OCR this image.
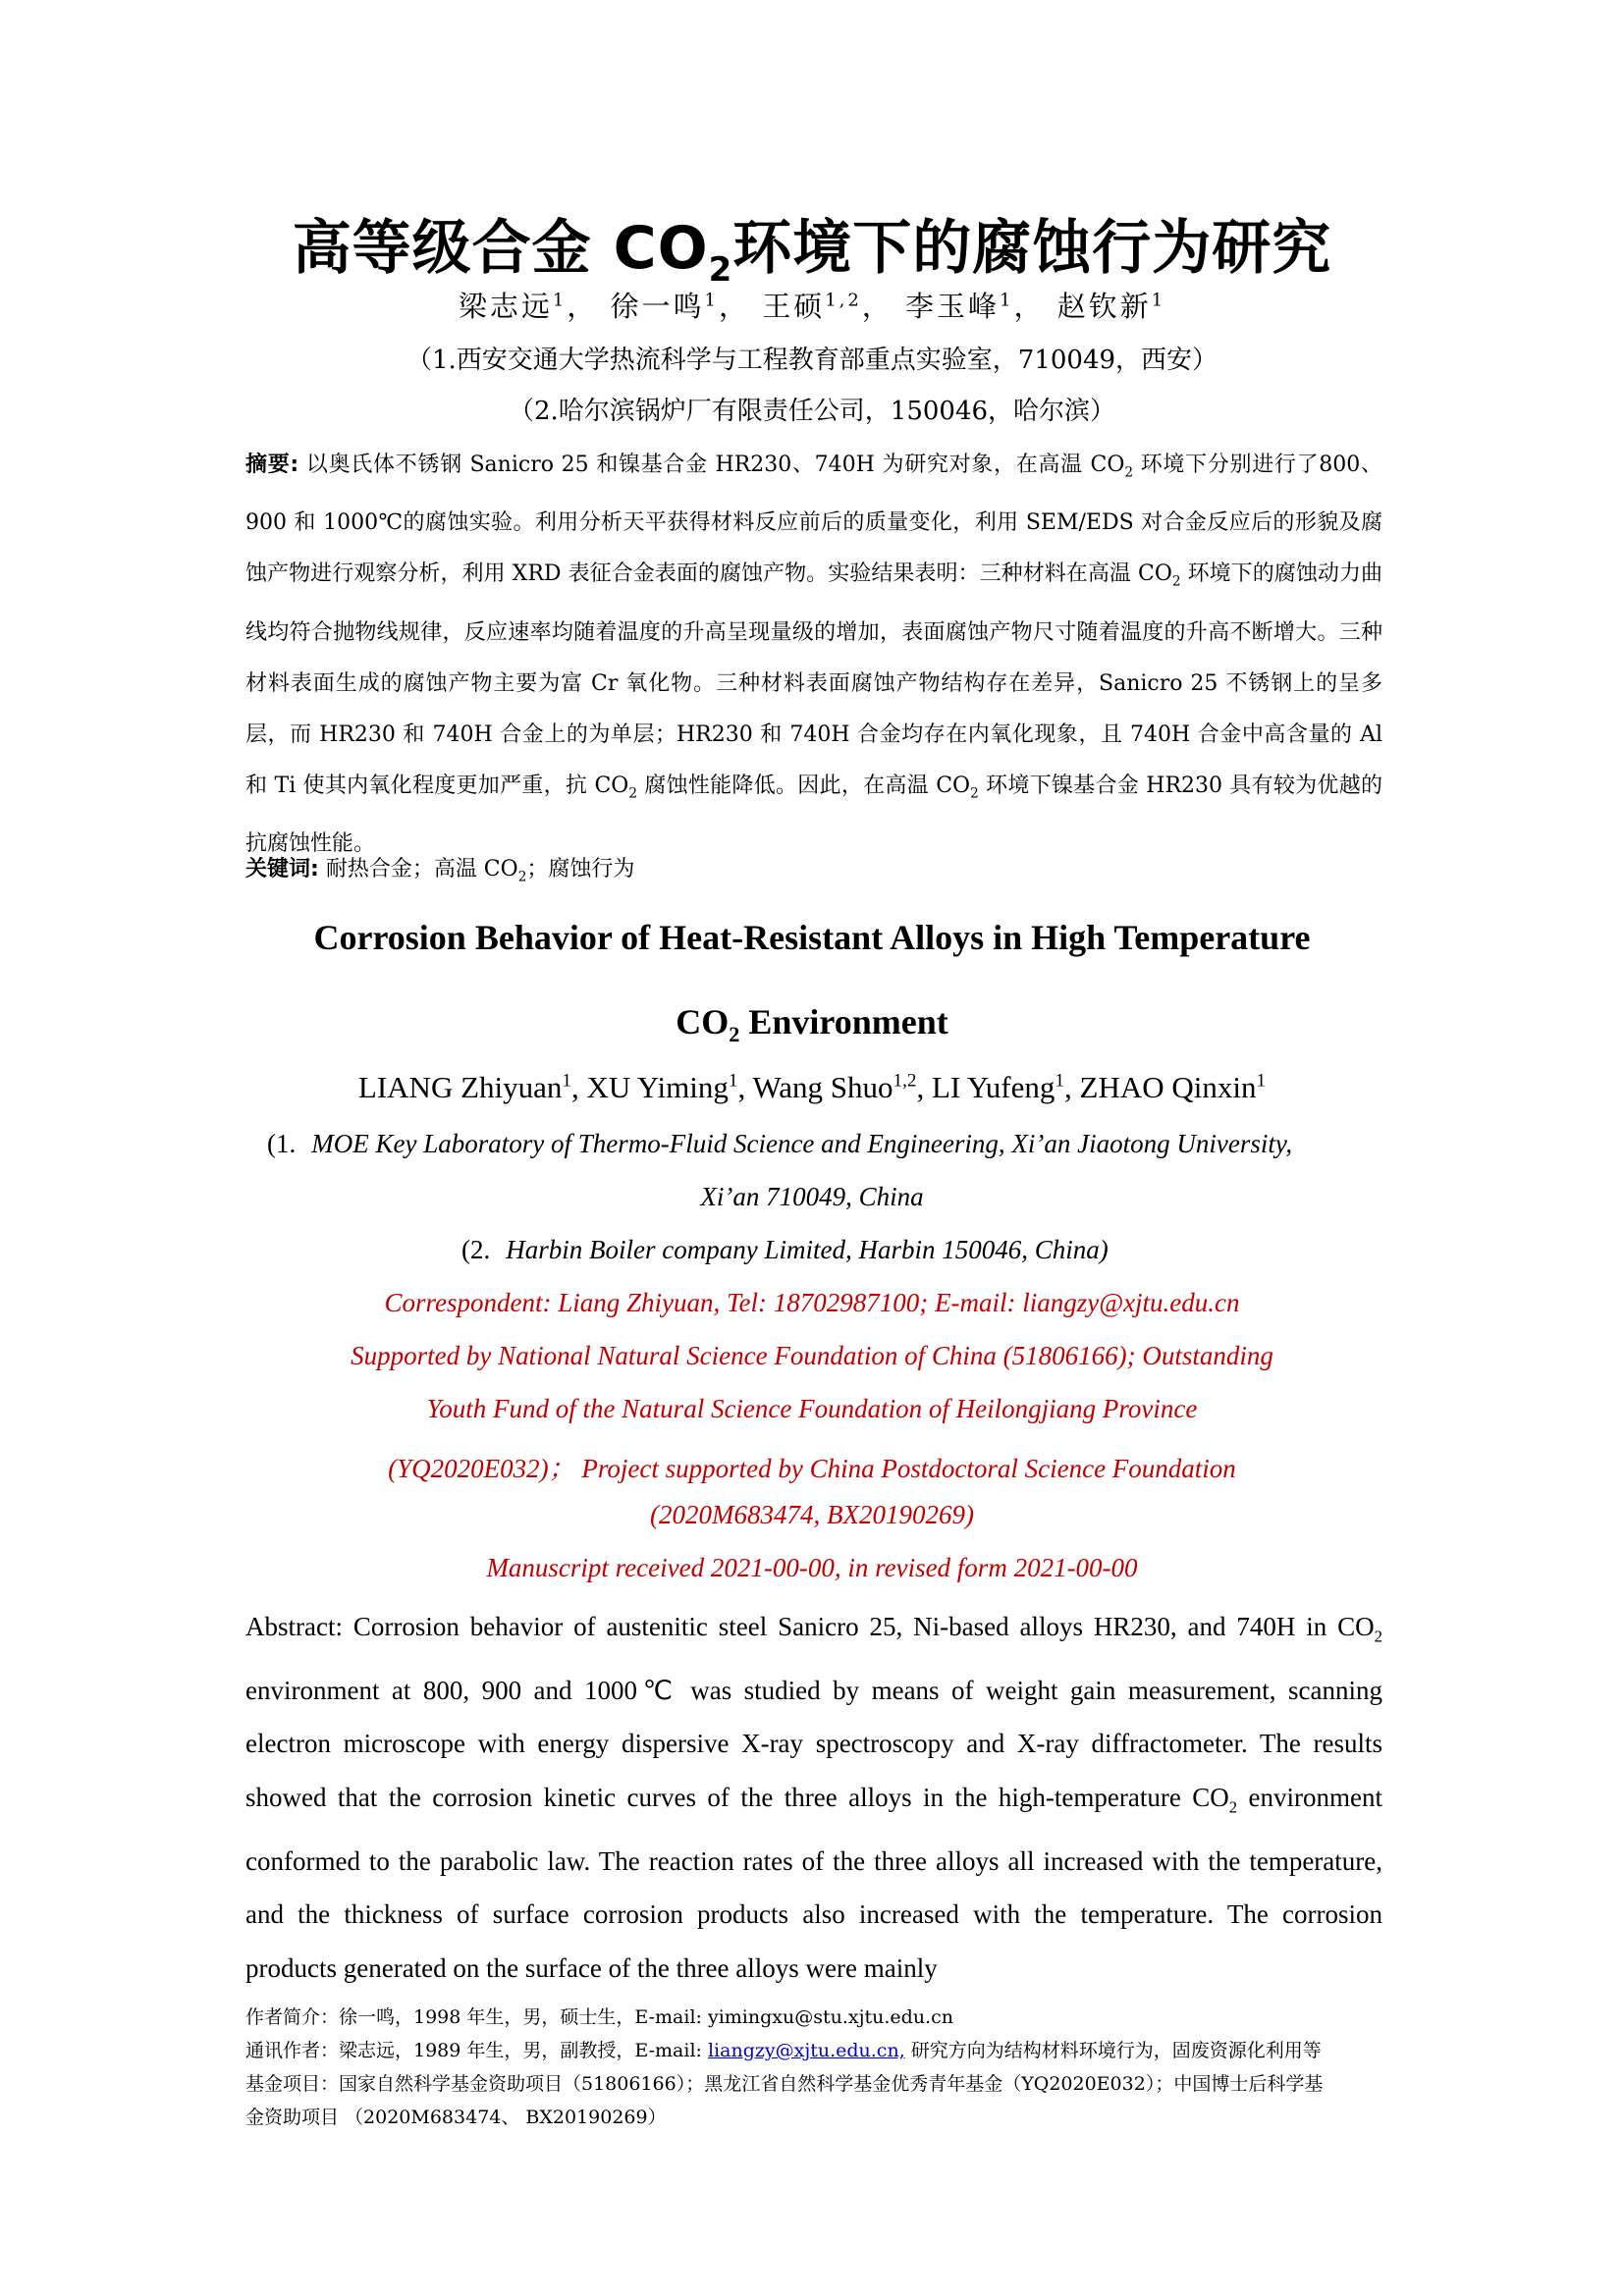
高等级合金 $CO_2$环境下的腐蚀行为研究
梁志远$^1$， 徐一鸣$^1$， 王硕$^{1,2}$， 李玉峰$^1$， 赵钦新$^1$
（1.西安交通大学热流科学与工程教育部重点实验室，710049，西安）
（2.哈尔滨锅炉厂有限责任公司，150046，哈尔滨）
摘要: 以奥氏体不锈钢 Sanicro 25 和镍基合金 HR230、740H 为研究对象，在高温 $CO_2$ 环境下分别进行了800、900 和 1000℃的腐蚀实验。利用分析天平获得材料反应前后的质量变化，利用 SEM/EDS 对合金反应后的形貌及腐蚀产物进行观察分析，利用 XRD 表征合金表面的腐蚀产物。实验结果表明：三种材料在高温 $CO_2$ 环境下的腐蚀动力曲线均符合抛物线规律，反应速率均随着温度的升高呈现量级的增加，表面腐蚀产物尺寸随着温度的升高不断增大。三种材料表面生成的腐蚀产物主要为富 Cr 氧化物。三种材料表面腐蚀产物结构存在差异，Sanicro 25 不锈钢上的呈多层，而 HR230 和 740H 合金上的为单层；HR230 和 740H 合金均存在内氧化现象，且 740H 合金中高含量的 Al 和 Ti 使其内氧化程度更加严重，抗 $CO_2$ 腐蚀性能降低。因此，在高温 $CO_2$ 环境下镍基合金 HR230 具有较为优越的抗腐蚀性能。
关键词: 耐热合金；高温 $CO_2$；腐蚀行为
Corrosion Behavior of Heat-Resistant Alloys in High Temperature
$CO_2$ Environment
LIANG Zhiyuan$^1$, XU Yiming$^1$, Wang Shuo$^{1,2}$, LI Yufeng$^1$, ZHAO Qinxin$^1$
(1. MOE Key Laboratory of Thermo-Fluid Science and Engineering, Xi’an Jiaotong University,
Xi’an 710049, China
(2. Harbin Boiler company Limited, Harbin 150046, China)
Correspondent: Liang Zhiyuan, Tel: 18702987100; E-mail: liangzy@xjtu.edu.cn
Supported by National Natural Science Foundation of China (51806166); Outstanding
Youth Fund of the Natural Science Foundation of Heilongjiang Province
(YQ2020E032)； Project supported by China Postdoctoral Science Foundation
(2020M683474, BX20190269)
Manuscript received 2021-00-00, in revised form 2021-00-00
Abstract: Corrosion behavior of austenitic steel Sanicro 25, Ni-based alloys HR230, and 740H in $CO_2$ environment at 800, 900 and 1000℃ was studied by means of weight gain measurement, scanning electron microscope with energy dispersive X-ray spectroscopy and X-ray diffractometer. The results showed that the corrosion kinetic curves of the three alloys in the high-temperature $CO_2$ environment conformed to the parabolic law. The reaction rates of the three alloys all increased with the temperature, and the thickness of surface corrosion products also increased with the temperature. The corrosion products generated on the surface of the three alloys were mainly
作者简介：徐一鸣，1998 年生，男，硕士生，E-mail: yimingxu@stu.xjtu.edu.cn
通讯作者：梁志远，1989 年生，男，副教授，E-mail: liangzy@xjtu.edu.cn, 研究方向为结构材料环境行为，固废资源化利用等
基金项目：国家自然科学基金资助项目（51806166）；黑龙江省自然科学基金优秀青年基金（YQ2020E032）；中国博士后科学基
金资助项目 （2020M683474、 BX20190269）
